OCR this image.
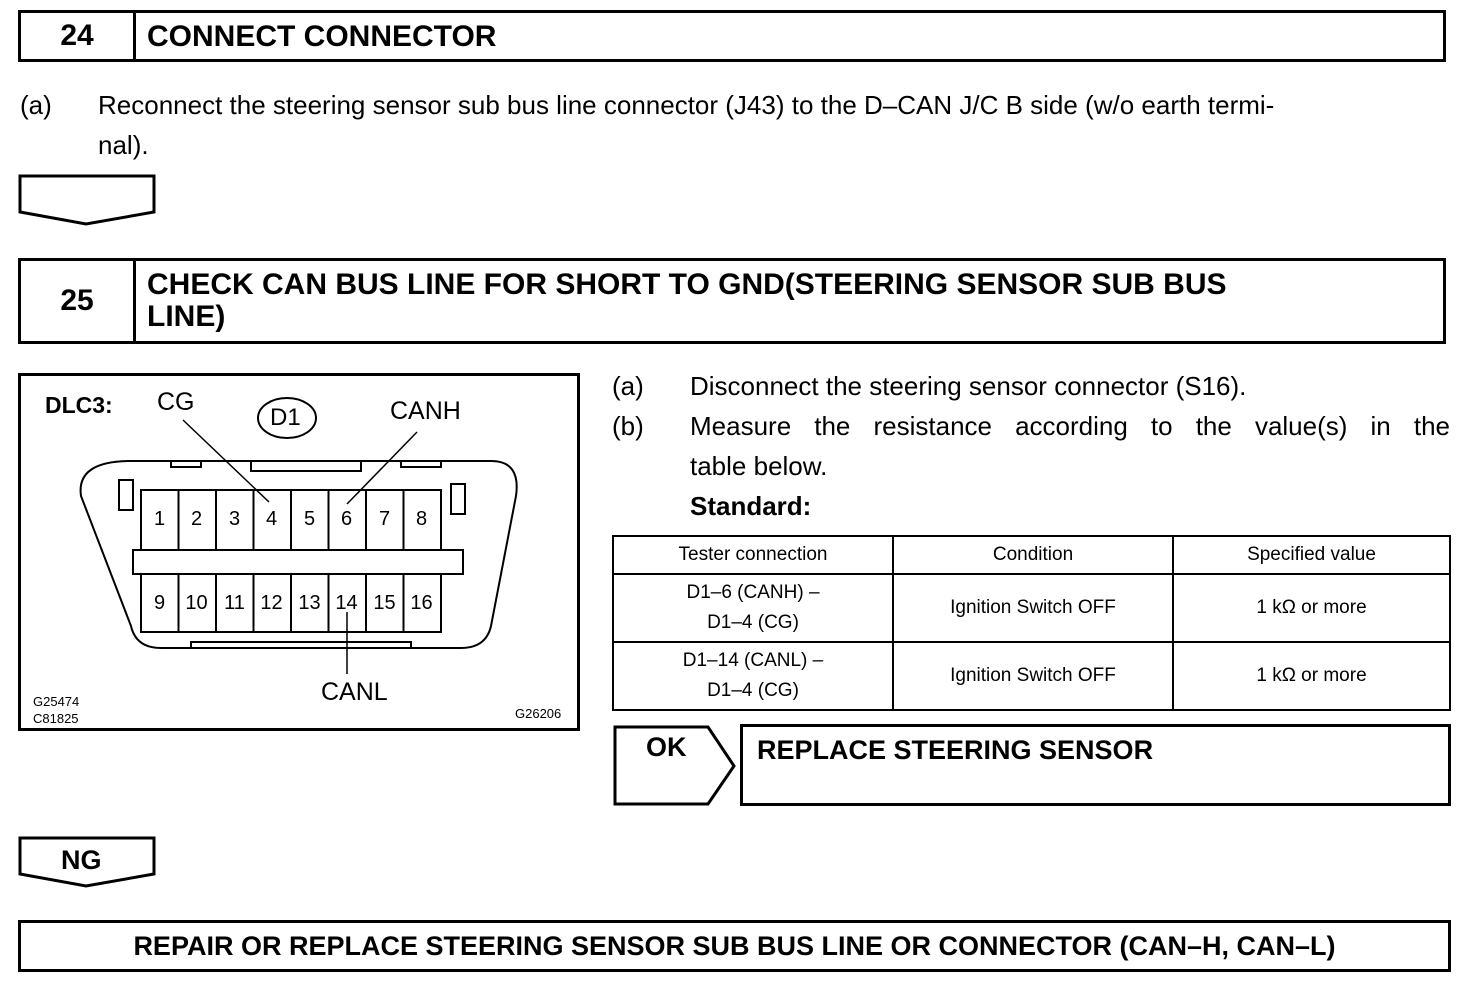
24	CONNECT CONNECTOR
(a) Reconnect the steering sensor sub bus line connector (J43) to the D–CAN J/C B side (w/o earth termi-
nal).
25	CHECK CAN BUS LINE FOR SHORT TO GND(STEERING SENSOR SUB BUS
LINE)
DLC3: CG
D1	CANH
CANL
1	2	3	4	5	6	7	8
9	10 11 12 13 14 15 16
G25474
C81825	G26206
(a) Disconnect the steering sensor connector (S16).
(b) Measure the resistance according to the value(s) in the
table below.
Standard:
Tester connection	Condition	Specified value

D1–6 (CANH) –
D1–4 (CG)	Ignition Switch OFF	1 kΩ or more

D1–14 (CANL) –
D1–4 (CG)	Ignition Switch OFF	1 kΩ or more
OK	REPLACE STEERING SENSOR
NG
REPAIR OR REPLACE STEERING SENSOR SUB BUS LINE OR CONNECTOR (CAN–H, CAN–L)
